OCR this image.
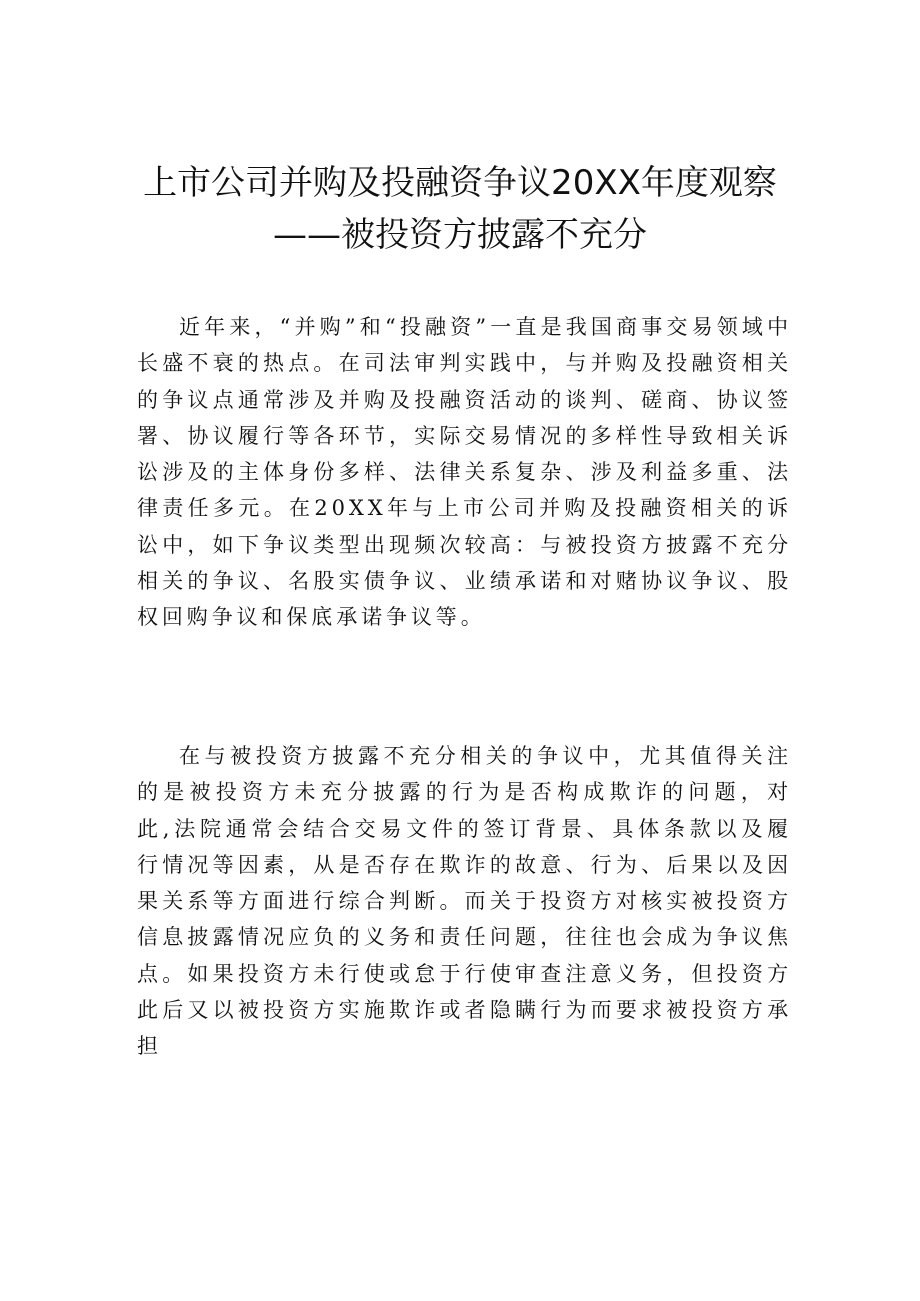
上市公司并购及投融资争议20XX年度观察
——被投资方披露不充分

近年来，“并购”和“投融资”一直是我国商事交易领域中长盛不衰的热点。在司法审判实践中，与并购及投融资相关的争议点通常涉及并购及投融资活动的谈判、磋商、协议签署、协议履行等各环节，实际交易情况的多样性导致相关诉讼涉及的主体身份多样、法律关系复杂、涉及利益多重、法律责任多元。在20XX年与上市公司并购及投融资相关的诉讼中，如下争议类型出现频次较高：与被投资方披露不充分相关的争议、名股实债争议、业绩承诺和对赌协议争议、股权回购争议和保底承诺争议等。

在与被投资方披露不充分相关的争议中，尤其值得关注的是被投资方未充分披露的行为是否构成欺诈的问题，对此,法院通常会结合交易文件的签订背景、具体条款以及履行情况等因素，从是否存在欺诈的故意、行为、后果以及因果关系等方面进行综合判断。而关于投资方对核实被投资方信息披露情况应负的义务和责任问题，往往也会成为争议焦点。如果投资方未行使或怠于行使审查注意义务，但投资方此后又以被投资方实施欺诈或者隐瞒行为而要求被投资方承担
